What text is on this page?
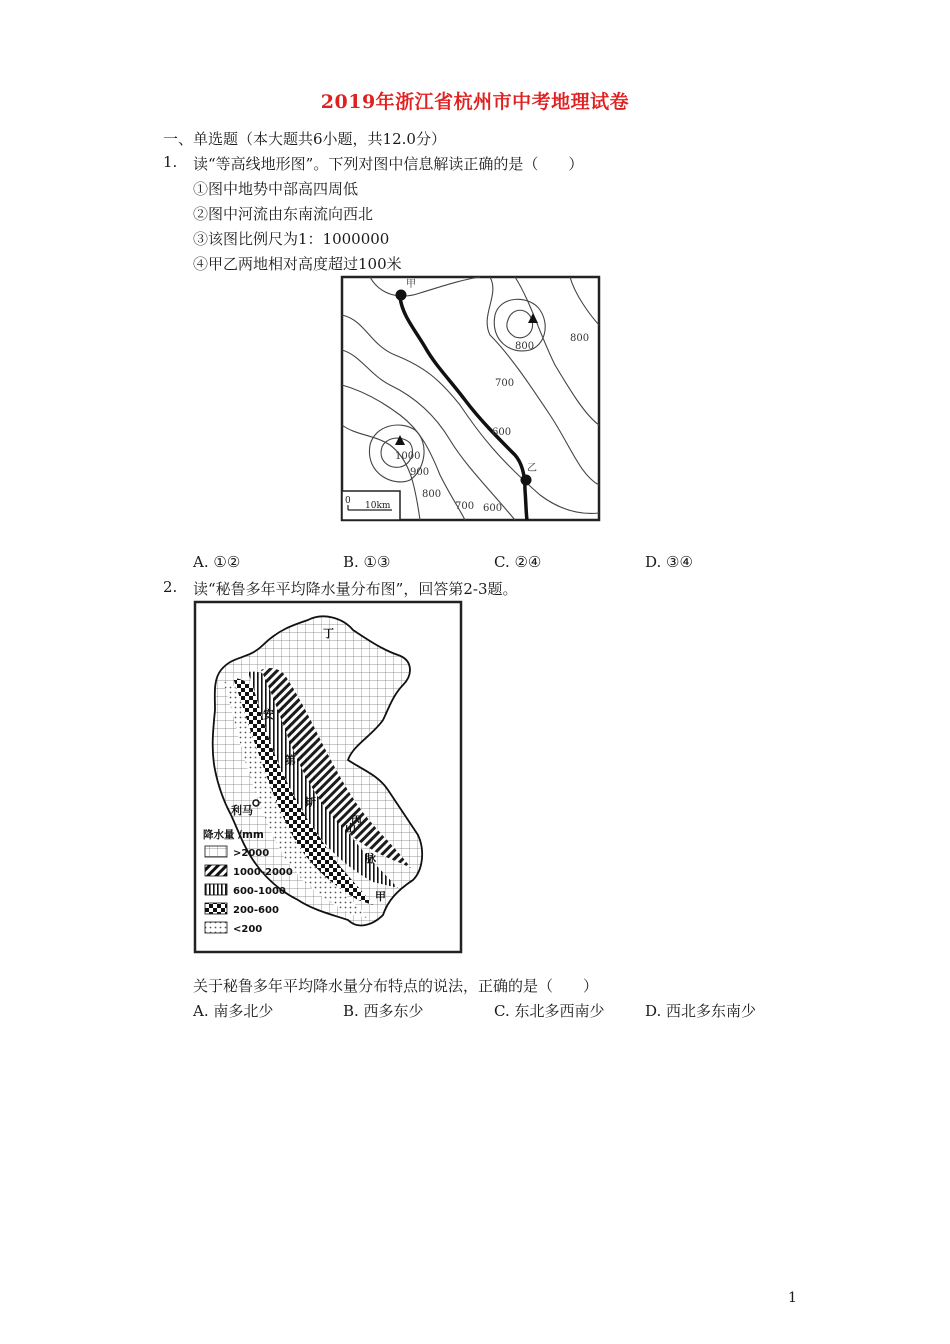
2019年浙江省杭州市中考地理试卷
一、单选题（本大题共6小题，共12.0分）
1. 读“等高线地形图”。下列对图中信息解读正确的是（　　）
①图中地势中部高四周低
②图中河流由东南流向西北
③该图比例尺为1：1000000
④甲乙两地相对高度超过100米
甲
乙
800
800
700
600
1000
900
800
700 600
0 10km
A. ①②	B. ①③	C. ②④	D. ③④
2. 读“秘鲁多年平均降水量分布图”，回答第2-3题。
丁
安
第
斯
山
脉
丙
甲
利马
降水量 /mm
>2000
1000-2000
600-1000
200-600
<200
关于秘鲁多年平均降水量分布特点的说法，正确的是（　　）
A. 南多北少	B. 西多东少	C. 东北多西南少	D. 西北多东南少
1
